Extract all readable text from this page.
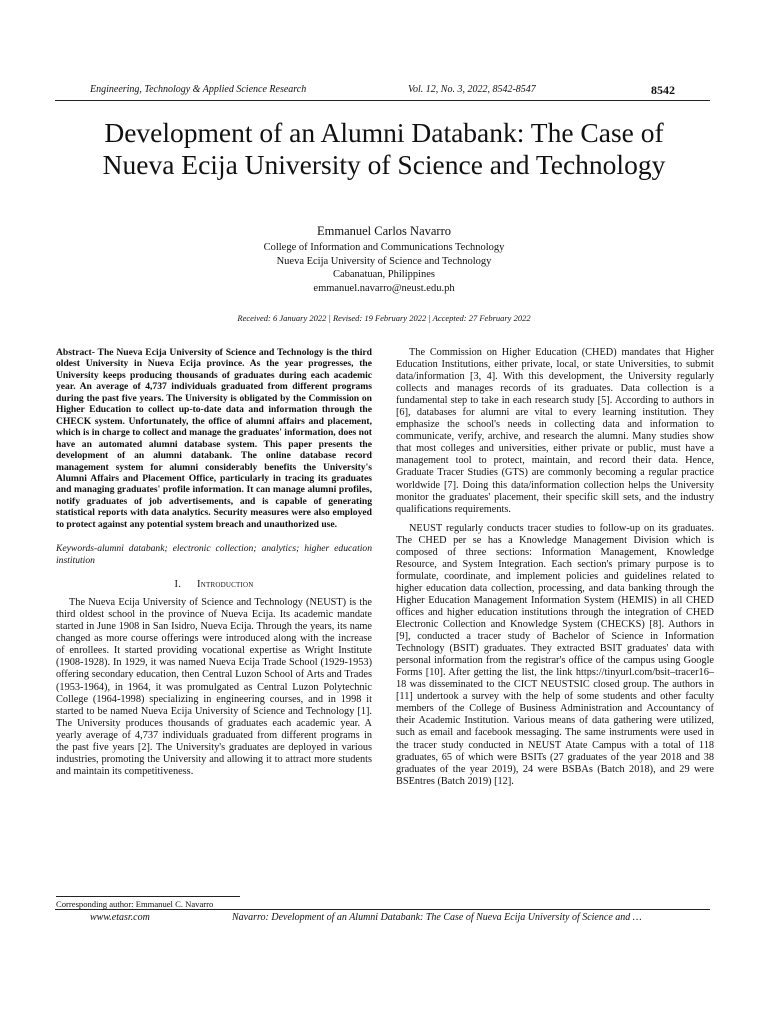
Engineering, Technology & Applied Science Research	Vol. 12, No. 3, 2022, 8542-8547	8542
Development of an Alumni Databank: The Case of
Nueva Ecija University of Science and Technology
Emmanuel Carlos Navarro
College of Information and Communications Technology
Nueva Ecija University of Science and Technology
Cabanatuan, Philippines
emmanuel.navarro@neust.edu.ph
Received: 6 January 2022 | Revised: 19 February 2022 | Accepted: 27 February 2022

Abstract- The Nueva Ecija University of Science and Technology is the third oldest University in Nueva Ecija province. As the year progresses, the University keeps producing thousands of graduates during each academic year. An average of 4,737 individuals graduated from different programs during the past five years. The University is obligated by the Commission on Higher Education to collect up-to-date data and information through the CHECK system. Unfortunately, the office of alumni affairs and placement, which is in charge to collect and manage the graduates' information, does not have an automated alumni database system. This paper presents the development of an alumni databank. The online database record management system for alumni considerably benefits the University's Alumni Affairs and Placement Office, particularly in tracing its graduates and managing graduates' profile information. It can manage alumni profiles, notify graduates of job advertisements, and is capable of generating statistical reports with data analytics. Security measures were also employed to protect against any potential system breach and unauthorized use.

Keywords-alumni databank; electronic collection; analytics; higher education institution

I. Introduction

The Nueva Ecija University of Science and Technology (NEUST) is the third oldest school in the province of Nueva Ecija. Its academic mandate started in June 1908 in San Isidro, Nueva Ecija. Through the years, its name changed as more course offerings were introduced along with the increase of enrollees. It started providing vocational expertise as Wright Institute (1908-1928). In 1929, it was named Nueva Ecija Trade School (1929-1953) offering secondary education, then Central Luzon School of Arts and Trades (1953-1964), in 1964, it was promulgated as Central Luzon Polytechnic College (1964-1998) specializing in engineering courses, and in 1998 it started to be named Nueva Ecija University of Science and Technology [1]. The University produces thousands of graduates each academic year. A yearly average of 4,737 individuals graduated from different programs in the past five years [2]. The University's graduates are deployed in various industries, promoting the University and allowing it to attract more students and maintain its competitiveness.

The Commission on Higher Education (CHED) mandates that Higher Education Institutions, either private, local, or state Universities, to submit data/information [3, 4]. With this development, the University regularly collects and manages records of its graduates. Data collection is a fundamental step to take in each research study [5]. According to authors in [6], databases for alumni are vital to every learning institution. They emphasize the school's needs in collecting data and information to communicate, verify, archive, and research the alumni. Many studies show that most colleges and universities, either private or public, must have a management tool to protect, maintain, and record their data. Hence, Graduate Tracer Studies (GTS) are commonly becoming a regular practice worldwide [7]. Doing this data/information collection helps the University monitor the graduates' placement, their specific skill sets, and the industry qualifications requirements.

NEUST regularly conducts tracer studies to follow-up on its graduates. The CHED per se has a Knowledge Management Division which is composed of three sections: Information Management, Knowledge Resource, and System Integration. Each section's primary purpose is to formulate, coordinate, and implement policies and guidelines related to higher education data collection, processing, and data banking through the Higher Education Management Information System (HEMIS) in all CHED offices and higher education institutions through the integration of CHED Electronic Collection and Knowledge System (CHECKS) [8]. Authors in [9], conducted a tracer study of Bachelor of Science in Information Technology (BSIT) graduates. They extracted BSIT graduates' data with personal information from the registrar's office of the campus using Google Forms [10]. After getting the list, the link https://tinyurl.com/bsit–tracer16–18 was disseminated to the CICT NEUSTSIC closed group. The authors in [11] undertook a survey with the help of some students and other faculty members of the College of Business Administration and Accountancy of their Academic Institution. Various means of data gathering were utilized, such as email and facebook messaging. The same instruments were used in the tracer study conducted in NEUST Atate Campus with a total of 118 graduates, 65 of which were BSITs (27 graduates of the year 2018 and 38 graduates of the year 2019), 24 were BSBAs (Batch 2018), and 29 were BSEntres (Batch 2019) [12].

Corresponding author: Emmanuel C. Navarro
www.etasr.com	Navarro: Development of an Alumni Databank: The Case of Nueva Ecija University of Science and …
